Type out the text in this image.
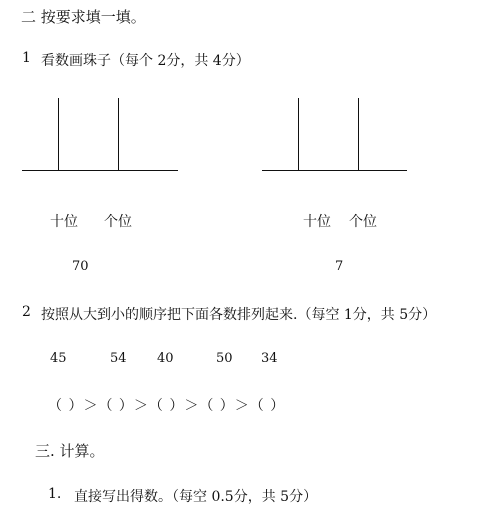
二 按要求填一填。
1 看数画珠子（每个 2分，共 4分）
十位 个位
70
十位 个位
7
2 按照从大到小的顺序把下面各数排列起来.（每空 1分，共 5分）
45	54 40	50 34
（ ）＞（ ）＞（ ）＞（ ）＞（ ）
三. 计算。
1. 直接写出得数。（每空 0.5分，共 5分）
